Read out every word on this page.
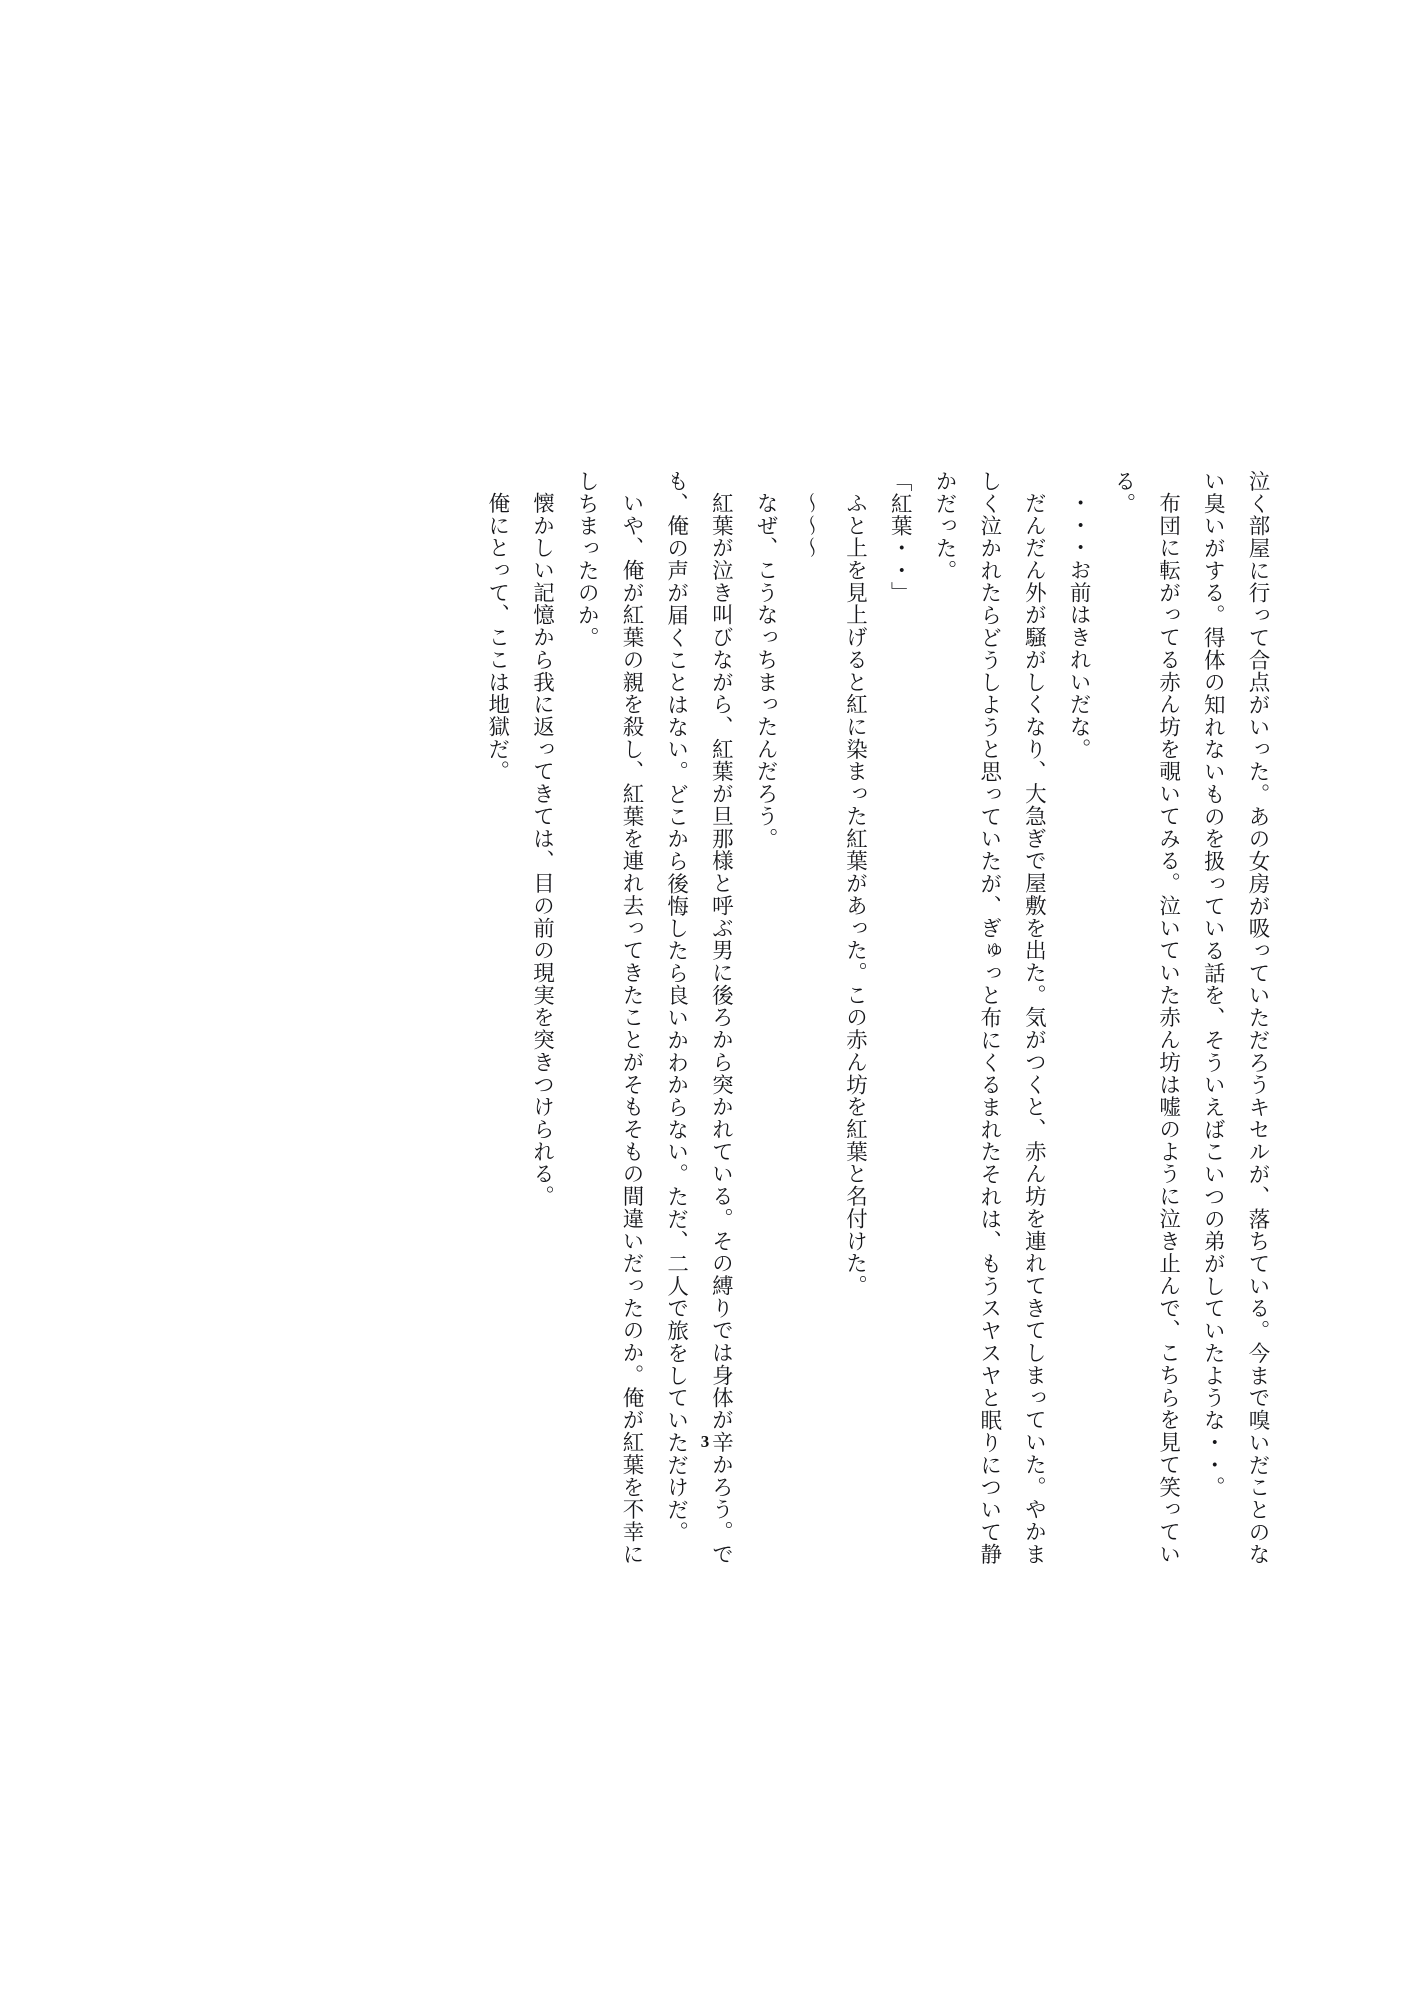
泣く部屋に行って合点がいった。あの女房が吸っていただろうキセルが、落ちている。今まで嗅いだことのない臭いがする。得体の知れないものを扱っている話を、そういえばこいつの弟がしていたような・・。

布団に転がってる赤ん坊を覗いてみる。泣いていた赤ん坊は嘘のように泣き止んで、こちらを見て笑っている。

・・・お前はきれいだな。

だんだん外が騒がしくなり、大急ぎで屋敷を出た。気がつくと、赤ん坊を連れてきてしまっていた。やかましく泣かれたらどうしようと思っていたが、ぎゅっと布にくるまれたそれは、もうスヤスヤと眠りについて静かだった。

「紅葉・・」

ふと上を見上げると紅に染まった紅葉があった。この赤ん坊を紅葉と名付けた。

〜〜〜

なぜ、こうなっちまったんだろう。

紅葉が泣き叫びながら、紅葉が旦那様と呼ぶ男に後ろから突かれている。その縛りでは身体が辛かろう。でも、俺の声が届くことはない。どこから後悔したら良いかわからない。ただ、二人で旅をしていただけだ。

いや、俺が紅葉の親を殺し、紅葉を連れ去ってきたことがそもそもの間違いだったのか。俺が紅葉を不幸にしちまったのか。

懐かしい記憶から我に返ってきては、目の前の現実を突きつけられる。

俺にとって、ここは地獄だ。

3
